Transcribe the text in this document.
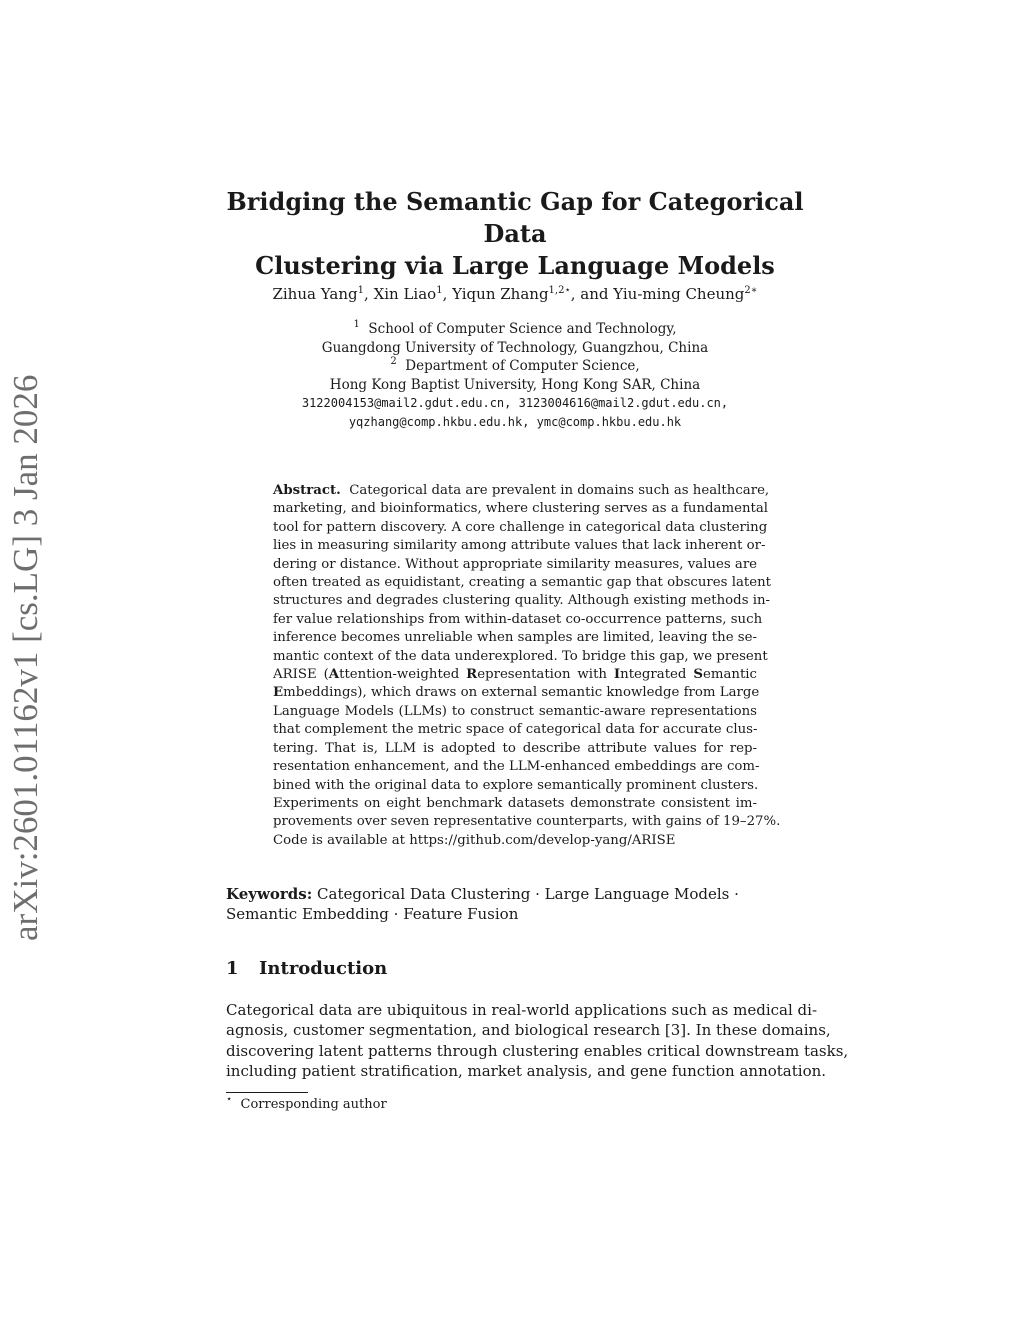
arXiv:2601.01162v1 [cs.LG] 3 Jan 2026
Bridging the Semantic Gap for Categorical Data
Clustering via Large Language Models
Zihua Yang$^1$, Xin Liao$^1$, Yiqun Zhang$^{1,2⋆}$, and Yiu-ming Cheung$^{2∗}$
$^1$ School of Computer Science and Technology,
Guangdong University of Technology, Guangzhou, China
$^2$ Department of Computer Science,
Hong Kong Baptist University, Hong Kong SAR, China
3122004153@mail2.gdut.edu.cn, 3123004616@mail2.gdut.edu.cn,
yqzhang@comp.hkbu.edu.hk, ymc@comp.hkbu.edu.hk
Abstract. Categorical data are prevalent in domains such as healthcare,
marketing, and bioinformatics, where clustering serves as a fundamental
tool for pattern discovery. A core challenge in categorical data clustering
lies in measuring similarity among attribute values that lack inherent or-
dering or distance. Without appropriate similarity measures, values are
often treated as equidistant, creating a semantic gap that obscures latent
structures and degrades clustering quality. Although existing methods in-
fer value relationships from within-dataset co-occurrence patterns, such
inference becomes unreliable when samples are limited, leaving the se-
mantic context of the data underexplored. To bridge this gap, we present
ARISE (Attention-weighted Representation with Integrated Semantic
Embeddings), which draws on external semantic knowledge from Large
Language Models (LLMs) to construct semantic-aware representations
that complement the metric space of categorical data for accurate clus-
tering. That is, LLM is adopted to describe attribute values for rep-
resentation enhancement, and the LLM-enhanced embeddings are com-
bined with the original data to explore semantically prominent clusters.
Experiments on eight benchmark datasets demonstrate consistent im-
provements over seven representative counterparts, with gains of 19–27%.
Code is available at https://github.com/develop-yang/ARISE
Keywords: Categorical Data Clustering · Large Language Models · Semantic Embedding · Feature Fusion
1 Introduction
Categorical data are ubiquitous in real-world applications such as medical di-
agnosis, customer segmentation, and biological research [3]. In these domains,
discovering latent patterns through clustering enables critical downstream tasks,
including patient stratification, market analysis, and gene function annotation.
⋆ Corresponding author
